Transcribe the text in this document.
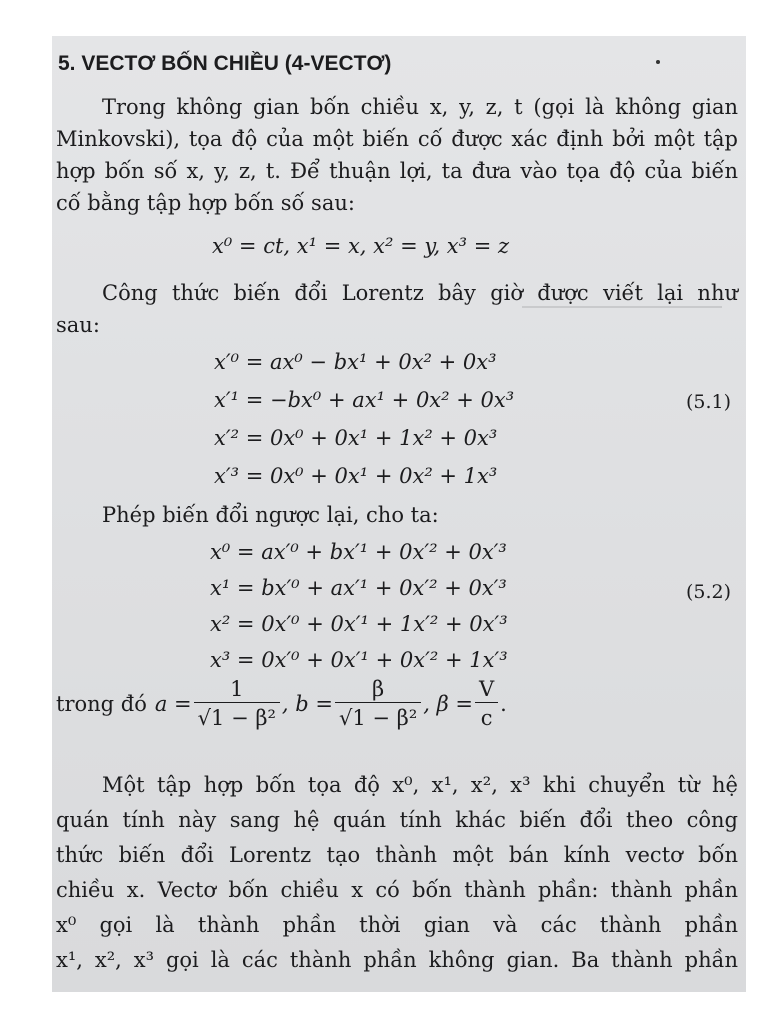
5. VECTƠ BỐN CHIỀU (4-VECTƠ)
Trong không gian bốn chiều x, y, z, t (gọi là không gian
Minkovski), tọa độ của một biến cố được xác định bởi một tập
hợp bốn số x, y, z, t. Để thuận lợi, ta đưa vào tọa độ của biến
cố bằng tập hợp bốn số sau:
x⁰ = ct, x¹ = x, x² = y, x³ = z
Công thức biến đổi Lorentz bây giờ được viết lại như
sau:
x′⁰ = ax⁰ − bx¹ + 0x² + 0x³
x′¹ = −bx⁰ + ax¹ + 0x² + 0x³
x′² = 0x⁰ + 0x¹ + 1x² + 0x³
x′³ = 0x⁰ + 0x¹ + 0x² + 1x³
(5.1)
Phép biến đổi ngược lại, cho ta:
x⁰ = ax′⁰ + bx′¹ + 0x′² + 0x′³
x¹ = bx′⁰ + ax′¹ + 0x′² + 0x′³
x² = 0x′⁰ + 0x′¹ + 1x′² + 0x′³
x³ = 0x′⁰ + 0x′¹ + 0x′² + 1x′³
(5.2)
trong đó $a = \frac{1}{\text{√1 − β²}}$ , $b = \frac{\beta}{\text{√1 − β²}}$ , $\beta = \frac{V}{c}$ .
Một tập hợp bốn tọa độ x⁰, x¹, x², x³ khi chuyển từ hệ
quán tính này sang hệ quán tính khác biến đổi theo công
thức biến đổi Lorentz tạo thành một bán kính vectơ bốn
chiều x. Vectơ bốn chiều x có bốn thành phần: thành phần
x⁰ gọi là thành phần thời gian và các thành phần
x¹, x², x³ gọi là các thành phần không gian. Ba thành phần
